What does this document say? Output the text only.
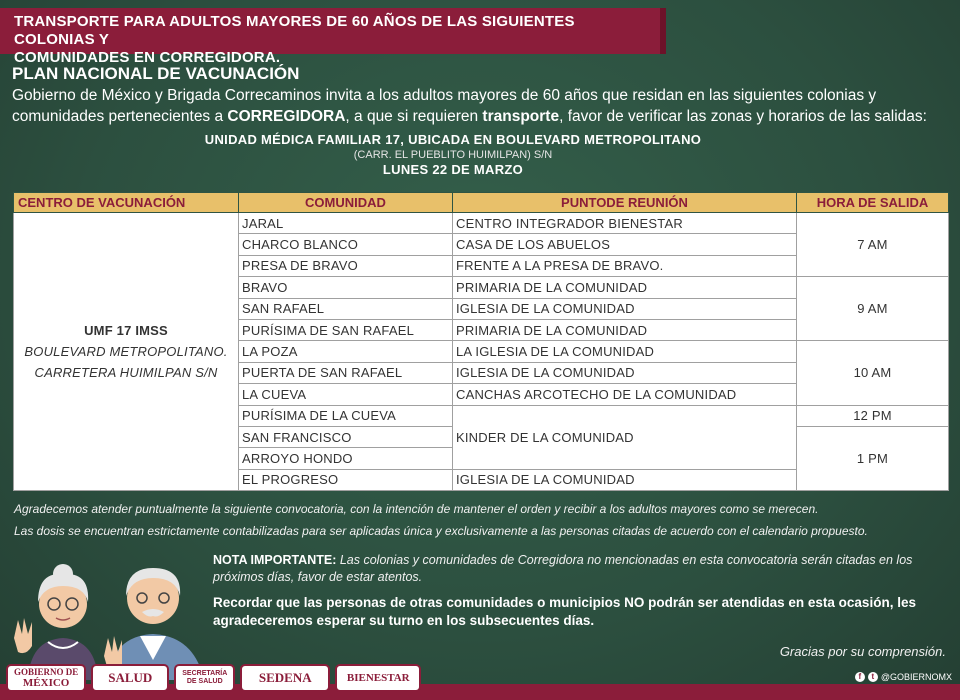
TRANSPORTE PARA ADULTOS MAYORES DE 60 AÑOS DE LAS SIGUIENTES COLONIAS Y
COMUNIDADES EN CORREGIDORA.
PLAN NACIONAL DE VACUNACIÓN
Gobierno de México y Brigada Correcaminos invita a los adultos mayores de 60 años que residan en las siguientes colonias y comunidades pertenecientes a CORREGIDORA, a que si requieren transporte, favor de verificar las zonas y horarios de las salidas:
UNIDAD MÉDICA FAMILIAR 17, UBICADA EN BOULEVARD METROPOLITANO
(CARR. EL PUEBLITO HUIMILPAN) S/N
LUNES 22 DE MARZO
CENTRO DE VACUNACIÓN	COMUNIDAD	PUNTODE REUNIÓN	HORA DE SALIDA

UMF 17 IMSS
BOULEVARD METROPOLITANO.
CARRETERA HUIMILPAN S/N	JARAL	CENTRO INTEGRADOR BIENESTAR	7 AM
	CHARCO BLANCO	CASA DE LOS ABUELOS	
	PRESA DE BRAVO	FRENTE A LA PRESA DE BRAVO.	
	BRAVO	PRIMARIA DE LA COMUNIDAD	9 AM
	SAN RAFAEL	IGLESIA DE LA COMUNIDAD	
	PURÍSIMA DE SAN RAFAEL	PRIMARIA DE LA COMUNIDAD	
	LA POZA	LA IGLESIA DE LA COMUNIDAD	10 AM
	PUERTA DE SAN RAFAEL	IGLESIA DE LA COMUNIDAD	
	LA CUEVA	CANCHAS ARCOTECHO DE LA COMUNIDAD	
	PURÍSIMA DE LA CUEVA	KINDER DE LA COMUNIDAD	12 PM
	SAN FRANCISCO		1 PM
	ARROYO HONDO		
	EL PROGRESO	IGLESIA DE LA COMUNIDAD	
Agradecemos atender puntualmente la siguiente convocatoria, con la intención de mantener el orden y recibir a los adultos mayores como se merecen.
Las dosis se encuentran estrictamente contabilizadas para ser aplicadas única y exclusivamente a las personas citadas de acuerdo con el calendario propuesto.
NOTA IMPORTANTE: Las colonias y comunidades de Corregidora no mencionadas en esta convocatoria serán citadas en los próximos días, favor de estar atentos.
Recordar que las personas de otras comunidades o municipios NO podrán ser atendidas en esta ocasión, les agradeceremos esperar su turno en los subsecuentes días.
Gracias por su comprensión.
GOBIERNO DE
MÉXICO	SALUD	SECRETARÍA
DE SALUD	SEDENA	BIENESTAR	f	t @GOBIERNOMX
